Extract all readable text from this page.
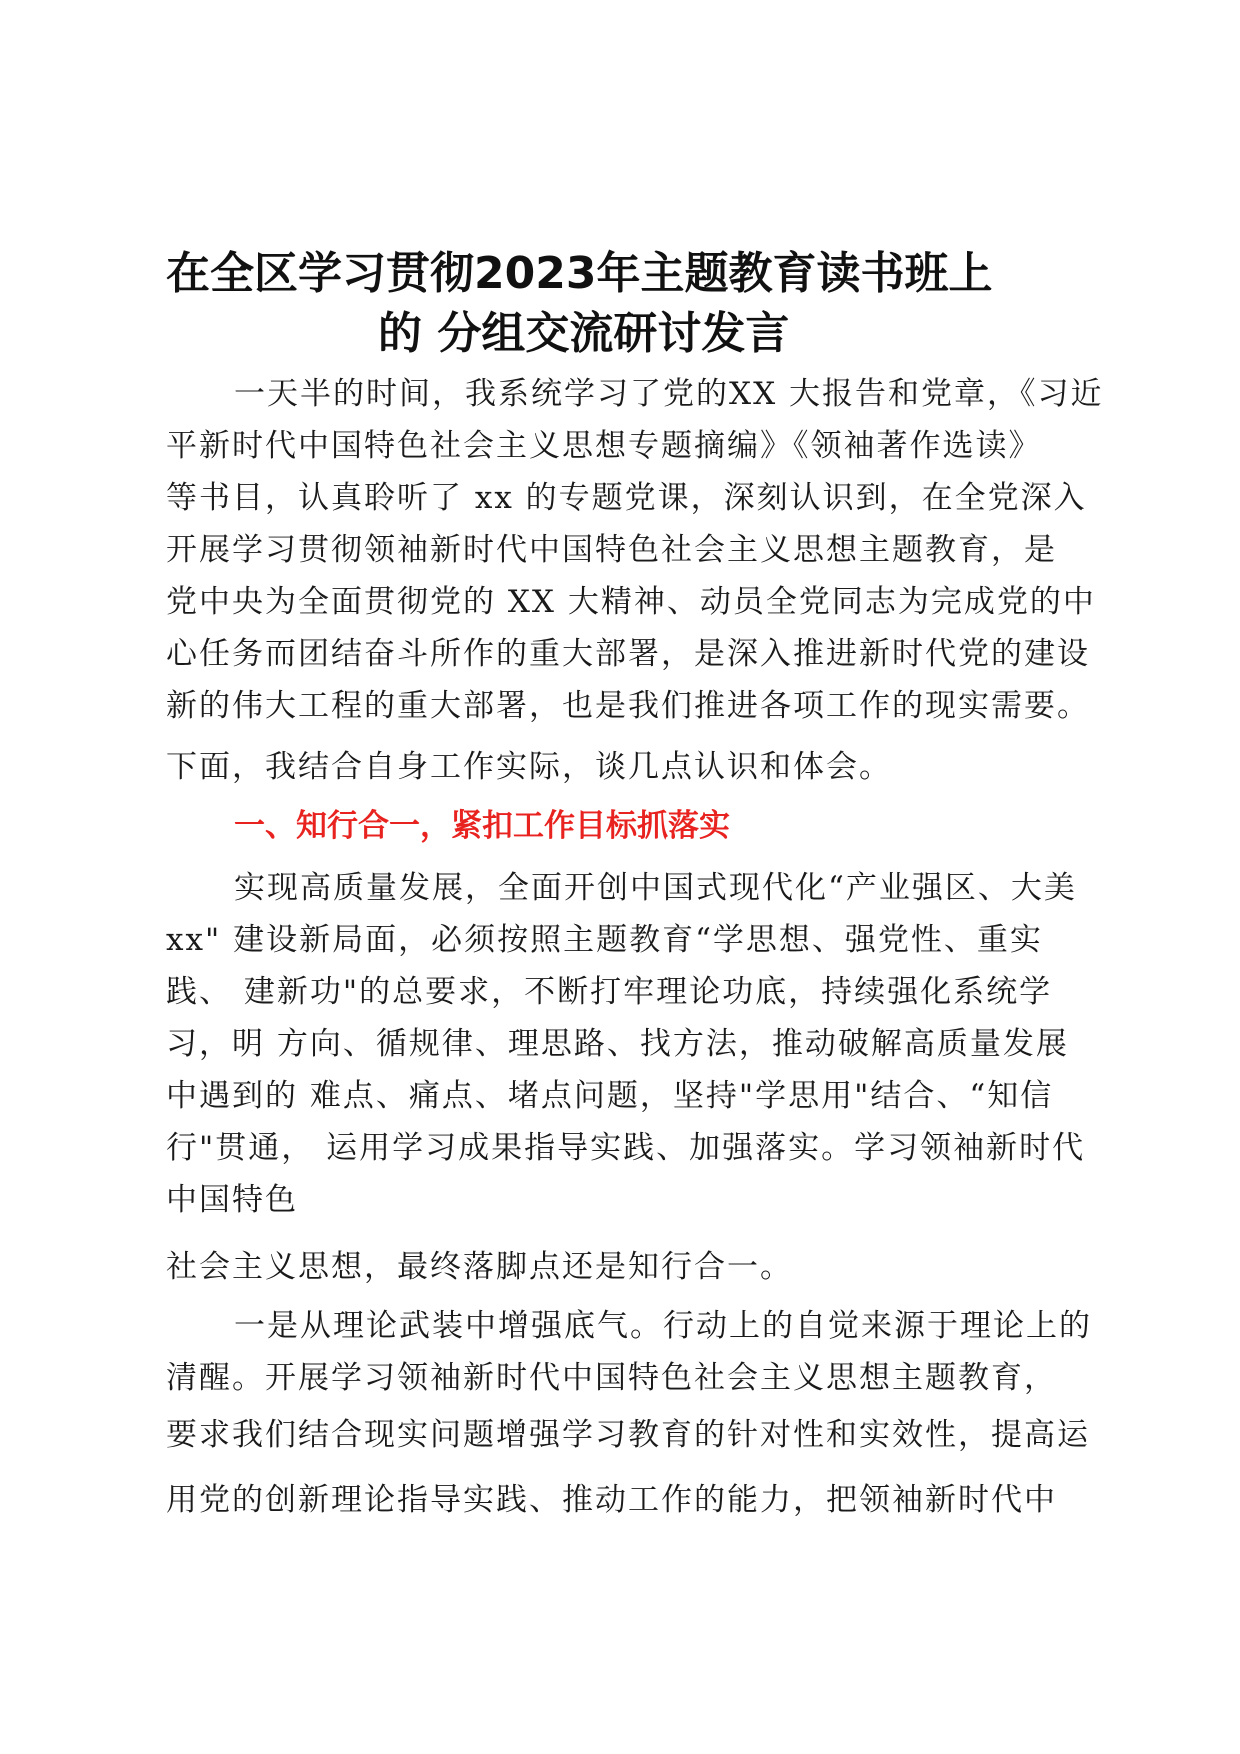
在全区学习贯彻2023年主题教育读书班上
的 分组交流研讨发言
一天半的时间，我系统学习了党的XX 大报告和党章，《习近
平新时代中国特色社会主义思想专题摘编》《领袖著作选读》
等书目，认真聆听了 xx 的专题党课，深刻认识到，在全党深入
开展学习贯彻领袖新时代中国特色社会主义思想主题教育，是
党中央为全面贯彻党的 XX 大精神、动员全党同志为完成党的中
心任务而团结奋斗所作的重大部署，是深入推进新时代党的建设
新的伟大工程的重大部署，也是我们推进各项工作的现实需要。
下面，我结合自身工作实际，谈几点认识和体会。
一、知行合一，紧扣工作目标抓落实
实现高质量发展，全面开创中国式现代化“产业强区、大美
xx" 建设新局面，必须按照主题教育“学思想、强党性、重实
践、 建新功"的总要求，不断打牢理论功底，持续强化系统学
习，明 方向、循规律、理思路、找方法，推动破解高质量发展
中遇到的 难点、痛点、堵点问题，坚持"学思用"结合、“知信
行"贯通， 运用学习成果指导实践、加强落实。学习领袖新时代
中国特色
社会主义思想，最终落脚点还是知行合一。
一是从理论武装中增强底气。行动上的自觉来源于理论上的
清醒。开展学习领袖新时代中国特色社会主义思想主题教育，
要求我们结合现实问题增强学习教育的针对性和实效性，提高运
用党的创新理论指导实践、推动工作的能力，把领袖新时代中
